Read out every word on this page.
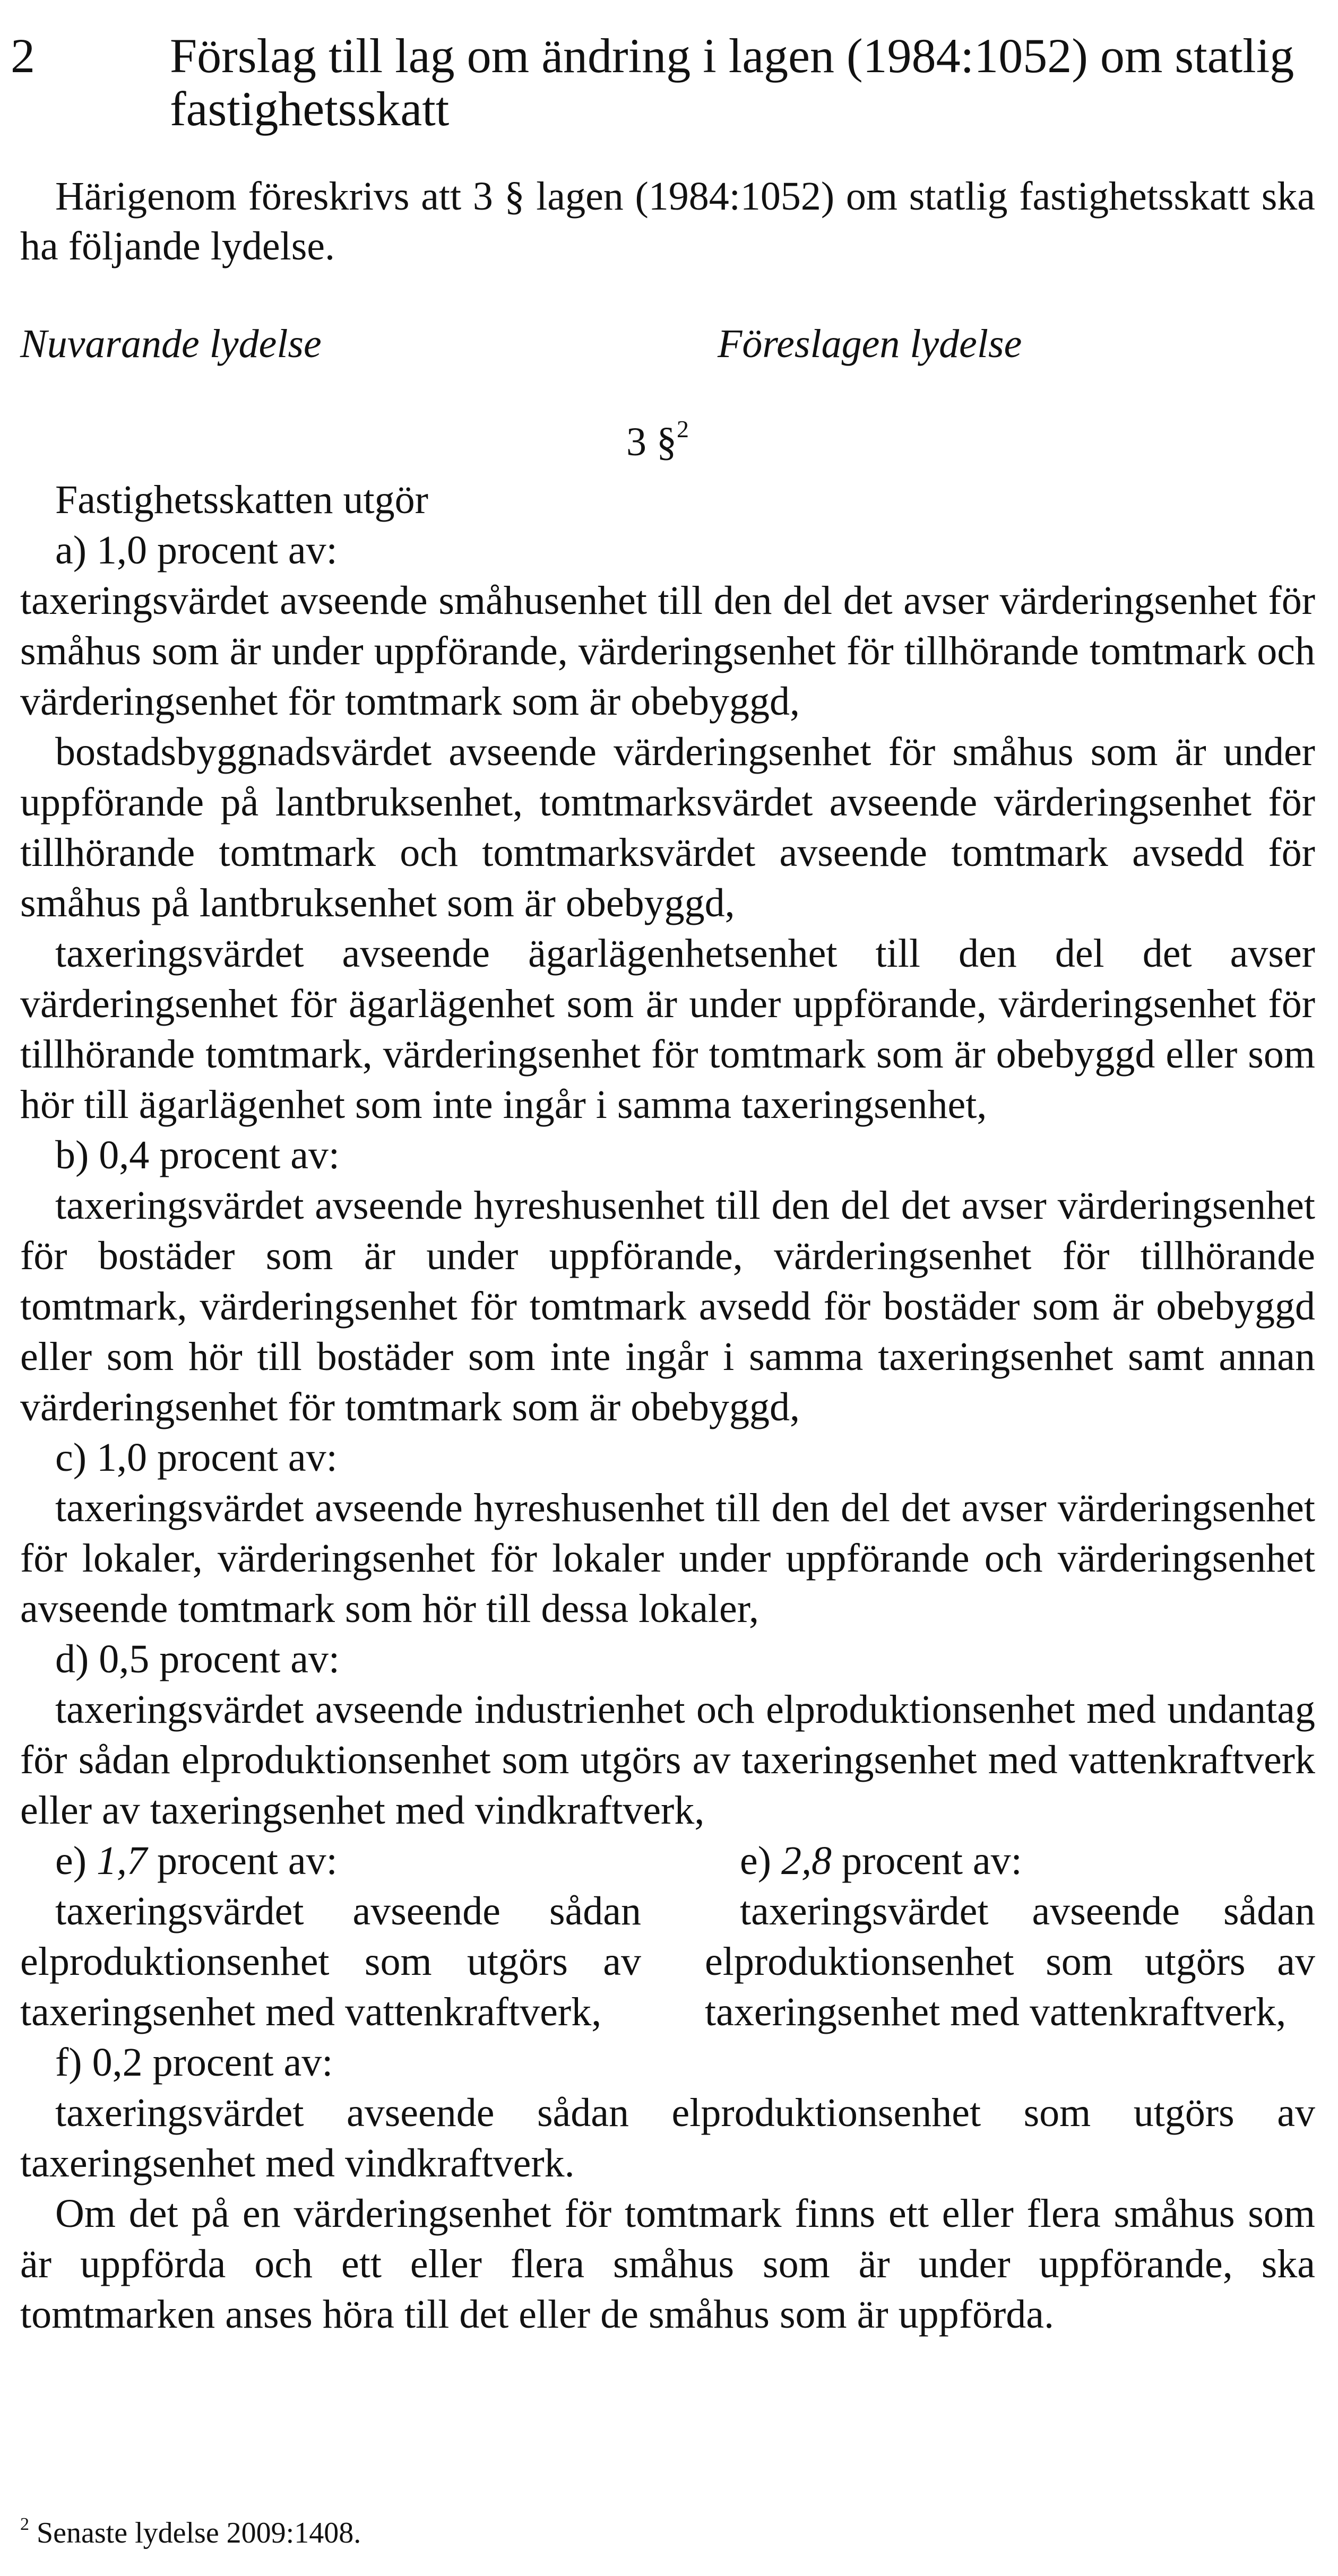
2	Förslag till lag om ändring i lagen (1984:1052) om statlig fastighetsskatt
Härigenom föreskrivs att 3 § lagen (1984:1052) om statlig fastighetsskatt ska ha följande lydelse.
Nuvarande lydelse	Föreslagen lydelse
3 §$^2$
Fastighetsskatten utgör
a) 1,0 procent av:
taxeringsvärdet avseende småhusenhet till den del det avser värderingsenhet för småhus som är under uppförande, värderingsenhet för tillhörande tomtmark och värderingsenhet för tomtmark som är obebyggd,
bostadsbyggnadsvärdet avseende värderingsenhet för småhus som är under uppförande på lantbruksenhet, tomtmarksvärdet avseende värderingsenhet för tillhörande tomtmark och tomtmarksvärdet avseende tomtmark avsedd för småhus på lantbruksenhet som är obebyggd,
taxeringsvärdet avseende ägarlägenhetsenhet till den del det avser värderingsenhet för ägarlägenhet som är under uppförande, värderingsenhet för tillhörande tomtmark, värderingsenhet för tomtmark som är obebyggd eller som hör till ägarlägenhet som inte ingår i samma taxeringsenhet,
b) 0,4 procent av:
taxeringsvärdet avseende hyreshusenhet till den del det avser värderingsenhet för bostäder som är under uppförande, värderingsenhet för tillhörande tomtmark, värderingsenhet för tomtmark avsedd för bostäder som är obebyggd eller som hör till bostäder som inte ingår i samma taxeringsenhet samt annan värderingsenhet för tomtmark som är obebyggd,
c) 1,0 procent av:
taxeringsvärdet avseende hyreshusenhet till den del det avser värderingsenhet för lokaler, värderingsenhet för lokaler under uppförande och värderingsenhet avseende tomtmark som hör till dessa lokaler,
d) 0,5 procent av:
taxeringsvärdet avseende industrienhet och elproduktionsenhet med undantag för sådan elproduktionsenhet som utgörs av taxeringsenhet med vattenkraftverk eller av taxeringsenhet med vindkraftverk,
e) 1,7 procent av:
taxeringsvärdet avseende sådan elproduktionsenhet som utgörs av taxeringsenhet med vattenkraftverk,
e) 2,8 procent av:
taxeringsvärdet avseende sådan elproduktionsenhet som utgörs av taxeringsenhet med vattenkraftverk,
f) 0,2 procent av:
taxeringsvärdet avseende sådan elproduktionsenhet som utgörs av taxeringsenhet med vindkraftverk.
Om det på en värderingsenhet för tomtmark finns ett eller flera småhus som är uppförda och ett eller flera småhus som är under uppförande, ska tomtmarken anses höra till det eller de småhus som är uppförda.
$^2$ Senaste lydelse 2009:1408.
